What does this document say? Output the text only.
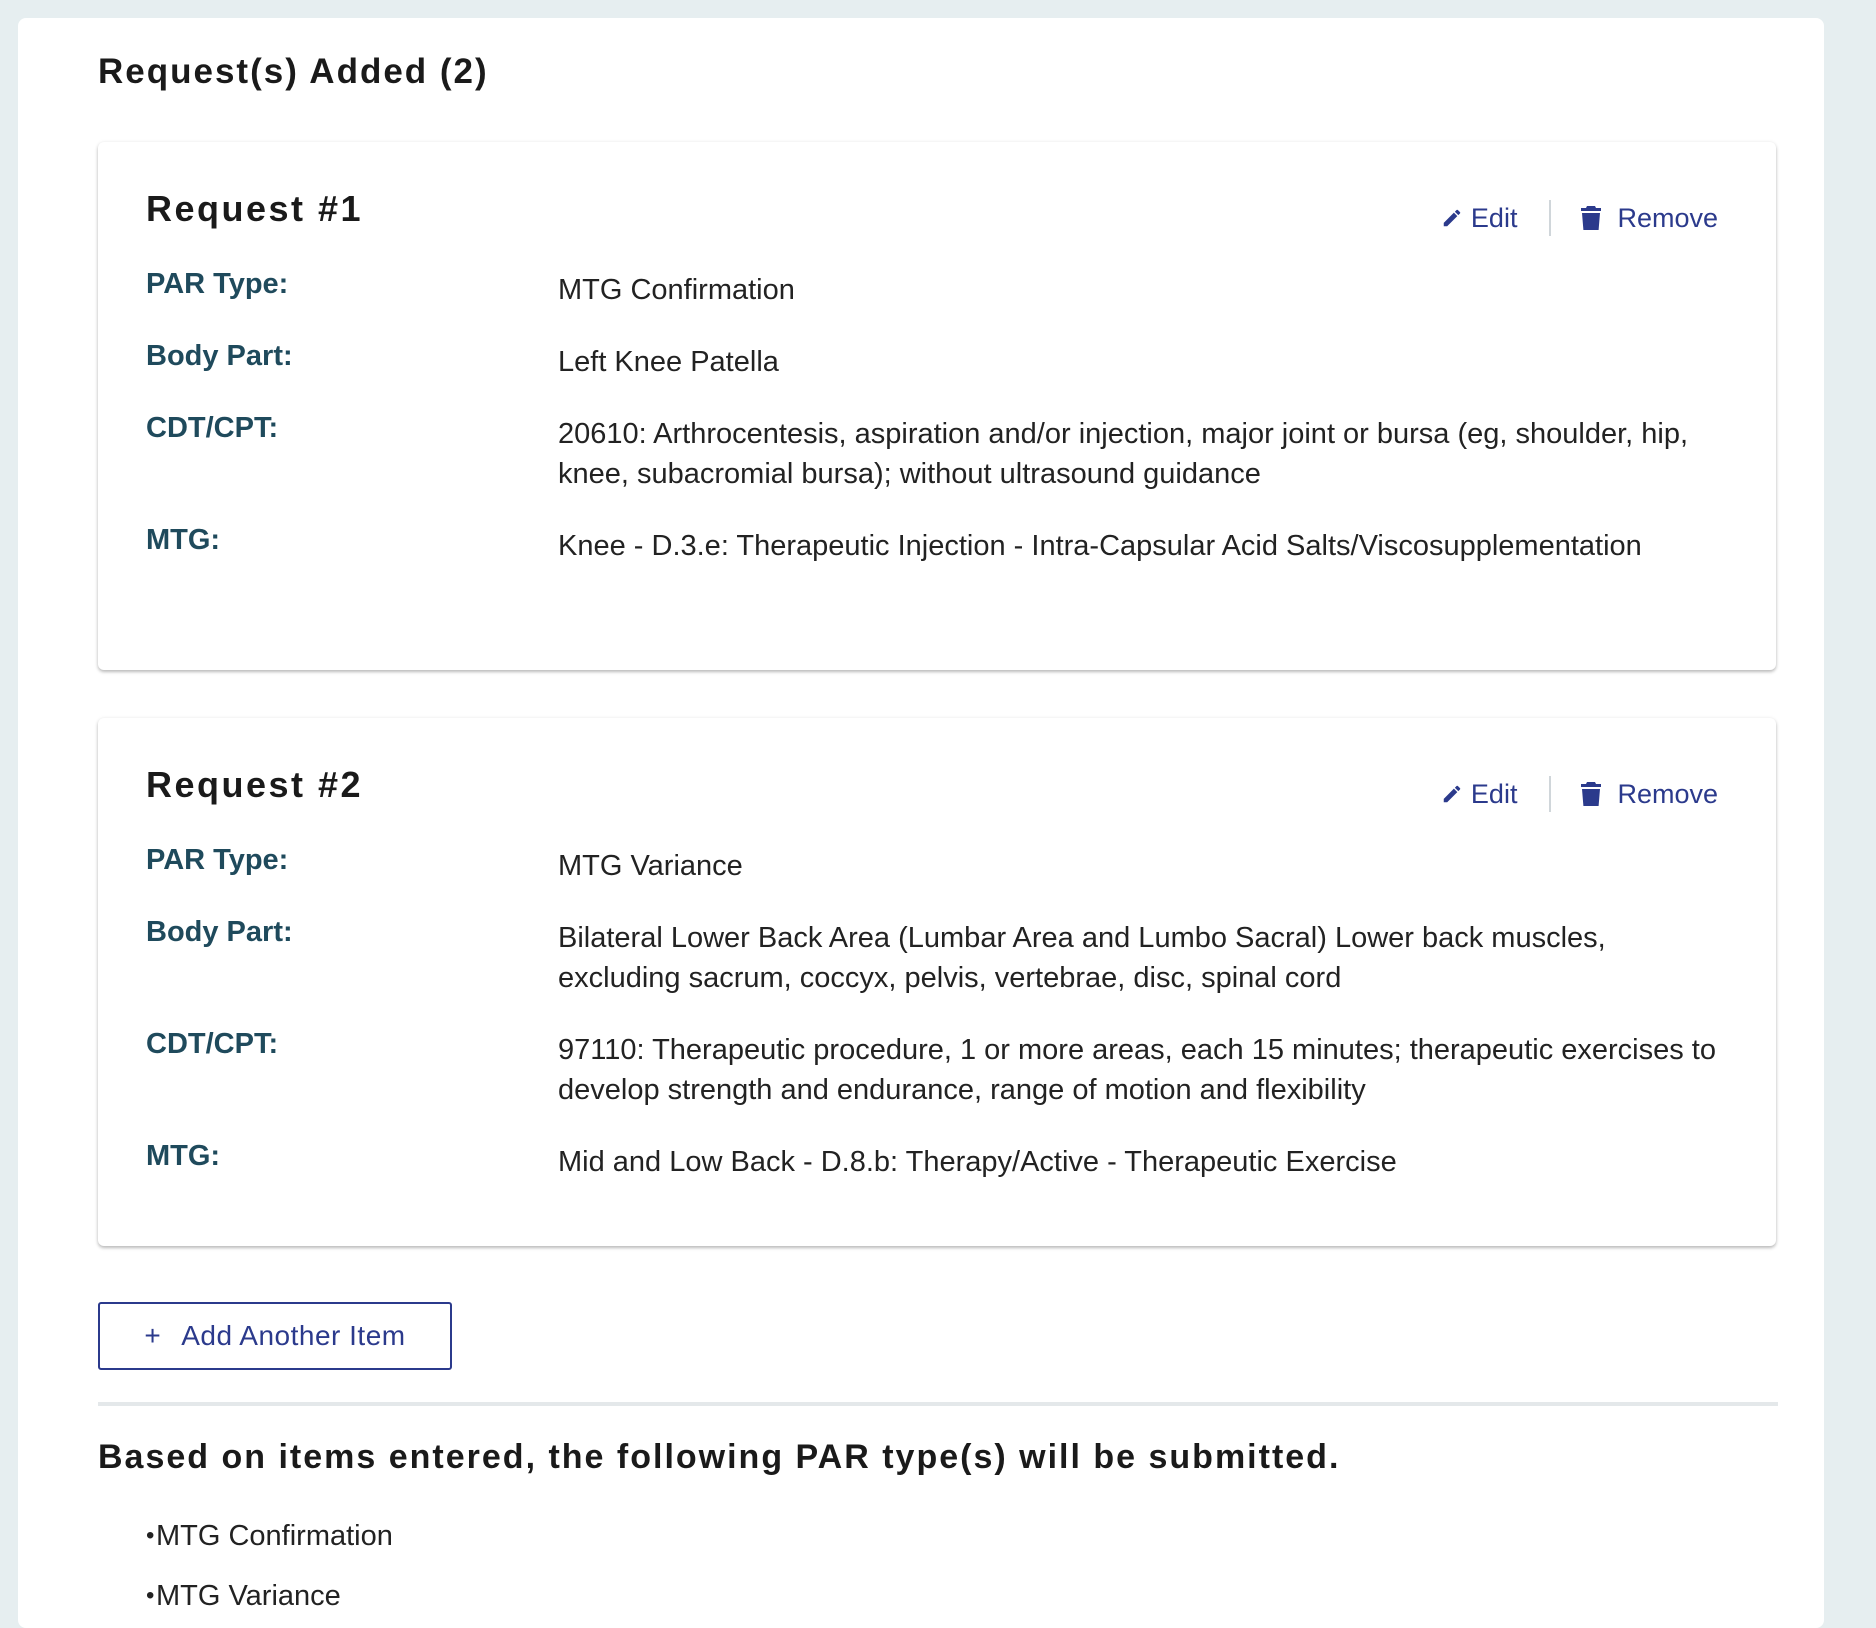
Request(s) Added (2)
Request #1	Edit	Remove
PAR Type:	MTG Confirmation
Body Part:	Left Knee Patella
CDT/CPT:	20610: Arthrocentesis, aspiration and/or injection, major joint or bursa (eg, shoulder, hip, knee, subacromial bursa); without ultrasound guidance
MTG:	Knee - D.3.e: Therapeutic Injection - Intra-Capsular Acid Salts/Viscosupplementation
Request #2	Edit	Remove
PAR Type:	MTG Variance
Body Part:	Bilateral Lower Back Area (Lumbar Area and Lumbo Sacral) Lower back muscles, excluding sacrum, coccyx, pelvis, vertebrae, disc, spinal cord
CDT/CPT:	97110: Therapeutic procedure, 1 or more areas, each 15 minutes; therapeutic exercises to develop strength and endurance, range of motion and flexibility
MTG:	Mid and Low Back - D.8.b: Therapy/Active - Therapeutic Exercise
+ Add Another Item
Based on items entered, the following PAR type(s) will be submitted.
• MTG Confirmation
• MTG Variance
